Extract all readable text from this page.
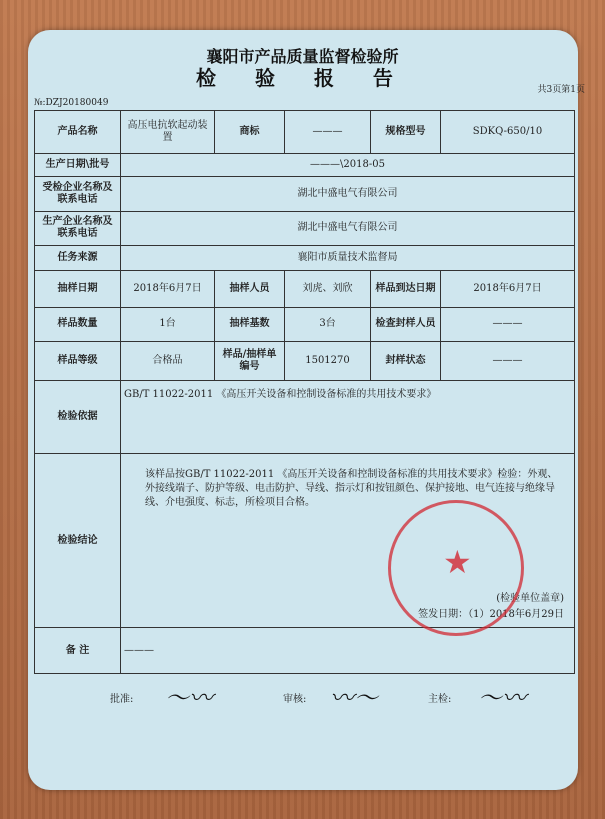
襄阳市产品质量监督检验所
检 验 报 告	共3页第1页
№:DZJ20180049
产品名称	高压电抗软起动装置	商标	———	规格型号	SDKQ-650/10
生产日期\批号	———\2018-05				
受检企业名称及联系电话	湖北中盛电气有限公司				
生产企业名称及联系电话	湖北中盛电气有限公司				
任务来源	襄阳市质量技术监督局				
抽样日期	2018年6月7日	抽样人员	刘虎、刘欣	样品到达日期	2018年6月7日
样品数量	1台	抽样基数	3台	检查封样人员	———
样品等级	合格品	样品/抽样单编号	1501270	封样状态	———
检验依据	GB/T 11022-2011 《高压开关设备和控制设备标准的共用技术要求》				
检验结论	该样品按GB/T 11022-2011 《高压开关设备和控制设备标准的共用技术要求》检验：外观、外接线端子、防护等级、电击防护、导线、指示灯和按钮颜色、保护接地、电气连接与绝缘导线、介电强度、标志，所检项目合格。
(检验单位盖章)
签发日期：（1）2018年6月29日				

备 注	———				
★
批准: 〜〰	审核: 〰〜	主检: 〜〰
